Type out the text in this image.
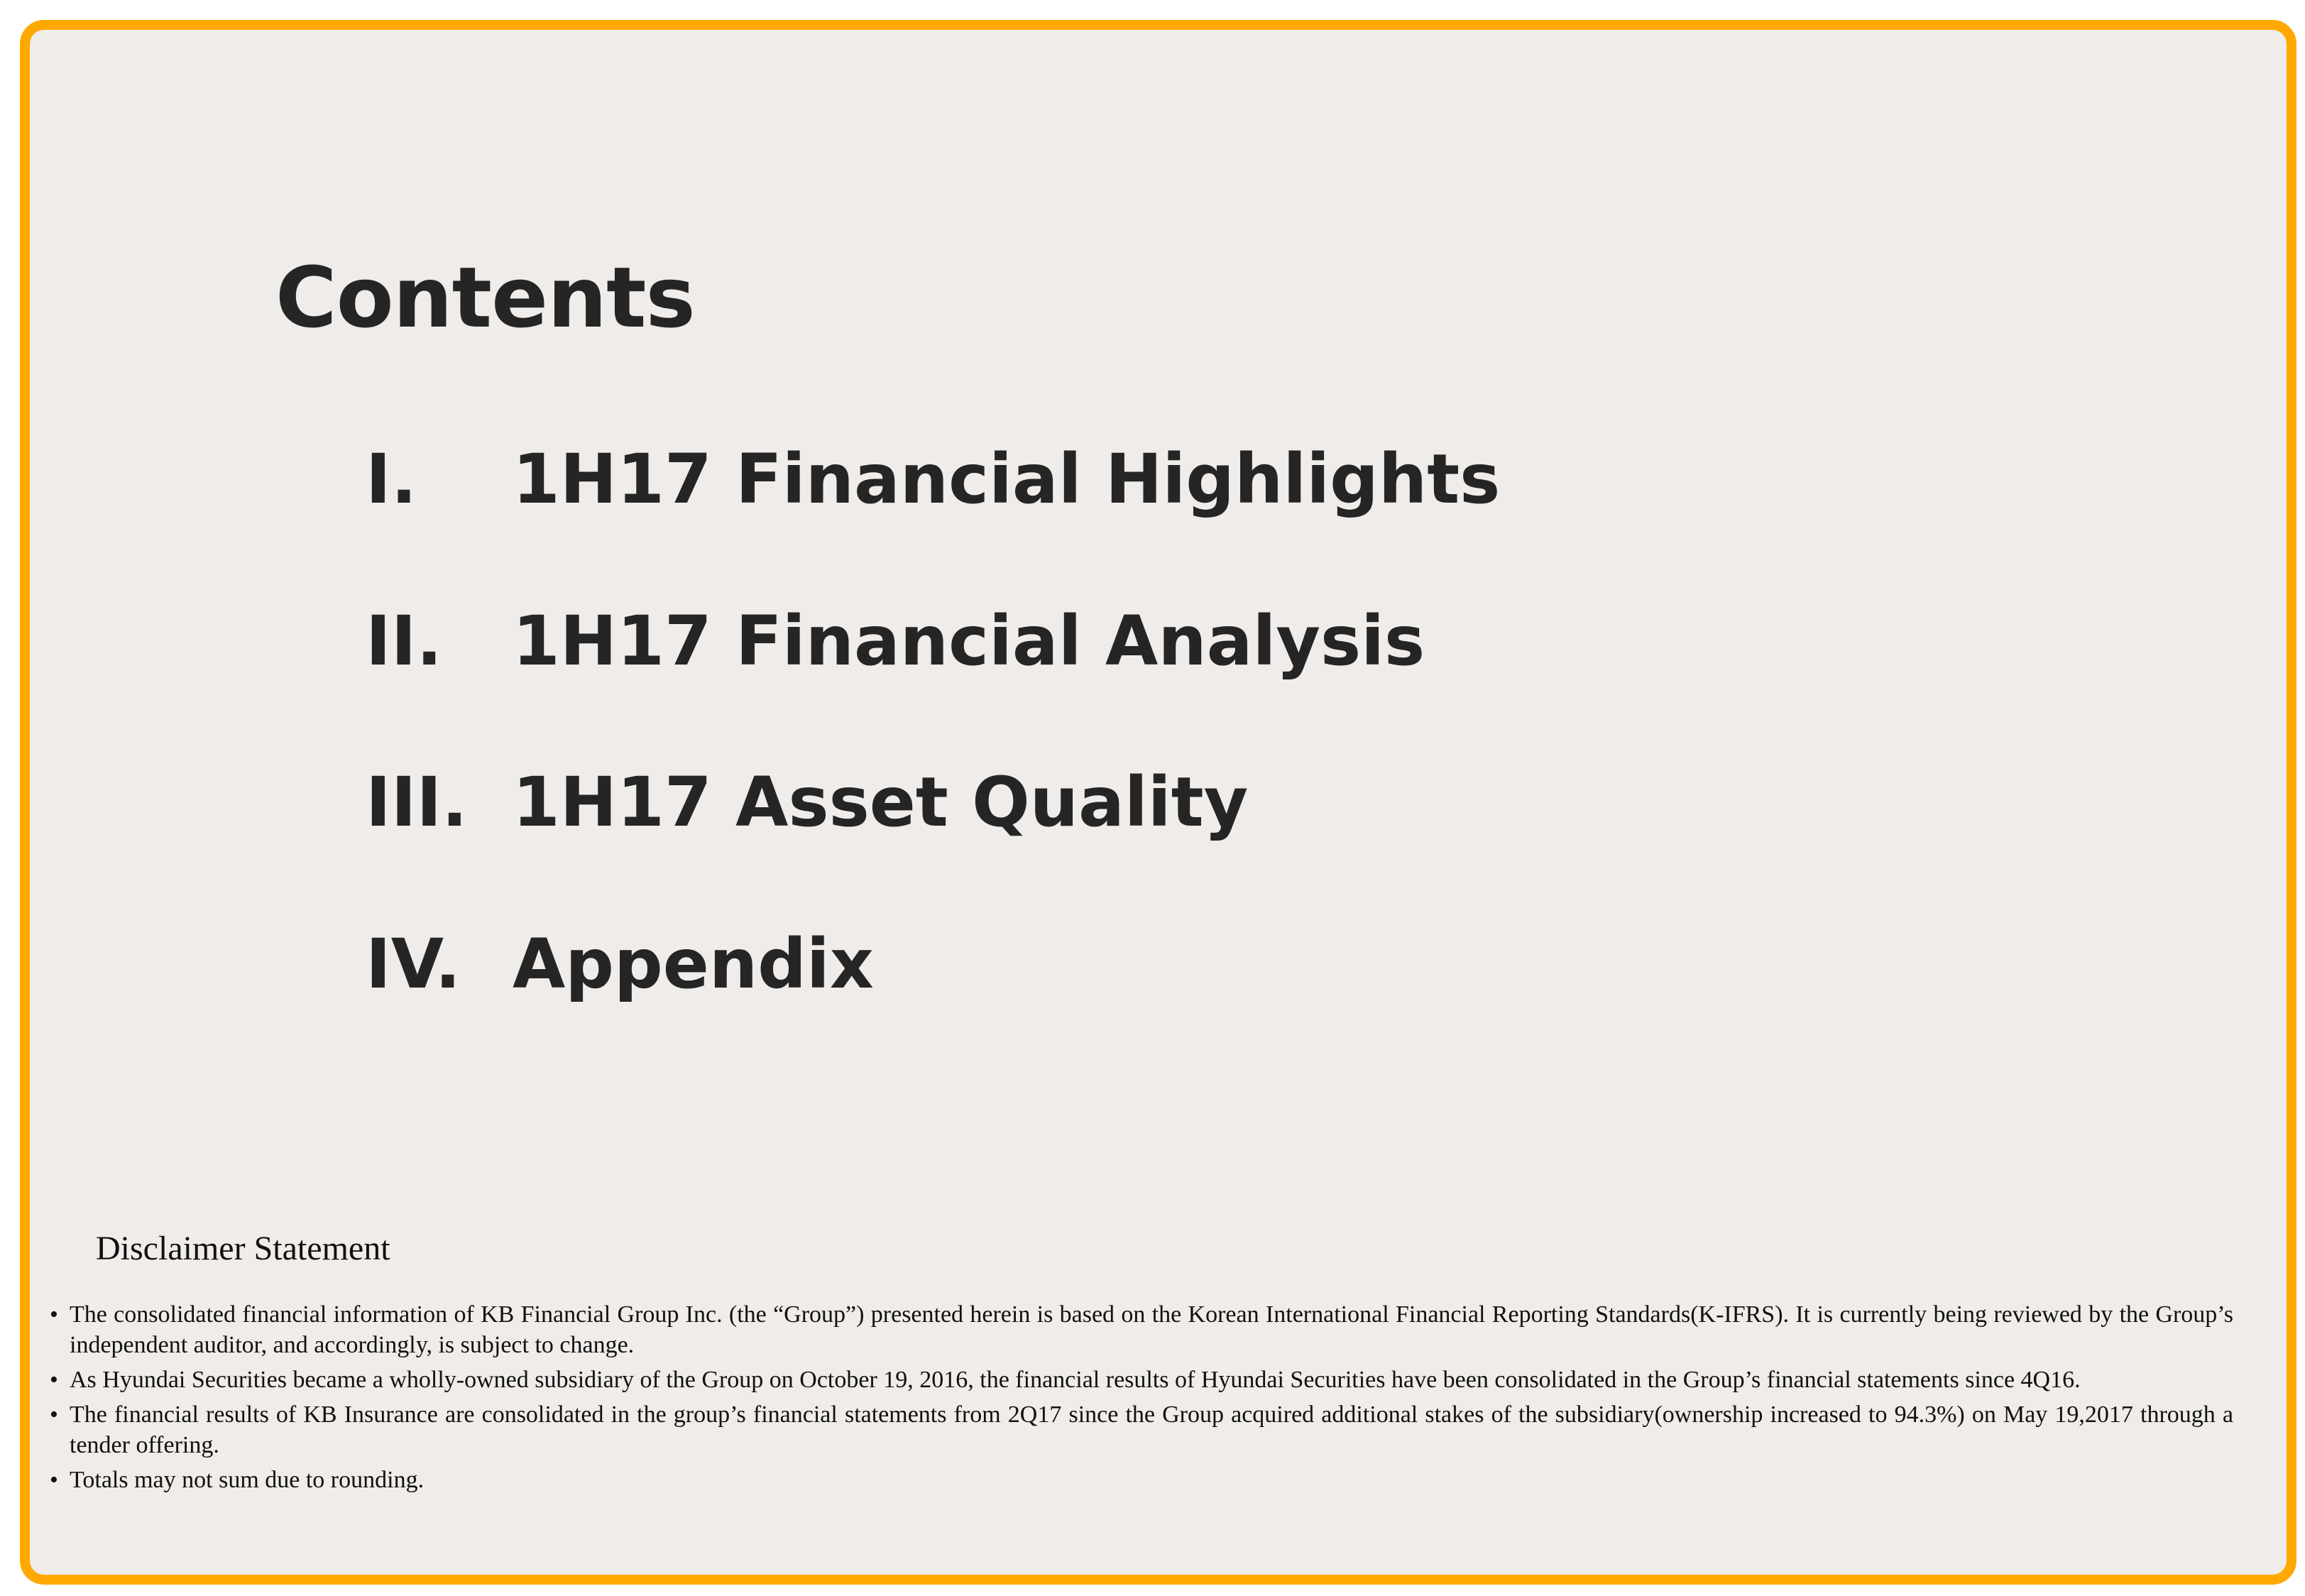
Contents
I. 1H17 Financial Highlights
II. 1H17 Financial Analysis
III. 1H17 Asset Quality
IV. Appendix
Disclaimer Statement
• The consolidated financial information of KB Financial Group Inc. (the “Group”) presented herein is based on the Korean International Financial Reporting Standards(K-IFRS). It is currently being reviewed by the Group’s independent auditor, and accordingly, is subject to change.
• As Hyundai Securities became a wholly-owned subsidiary of the Group on October 19, 2016, the financial results of Hyundai Securities have been consolidated in the Group’s financial statements since 4Q16.
• The financial results of KB Insurance are consolidated in the group’s financial statements from 2Q17 since the Group acquired additional stakes of the subsidiary(ownership increased to 94.3%) on May 19,2017 through a tender offering.
• Totals may not sum due to rounding.
